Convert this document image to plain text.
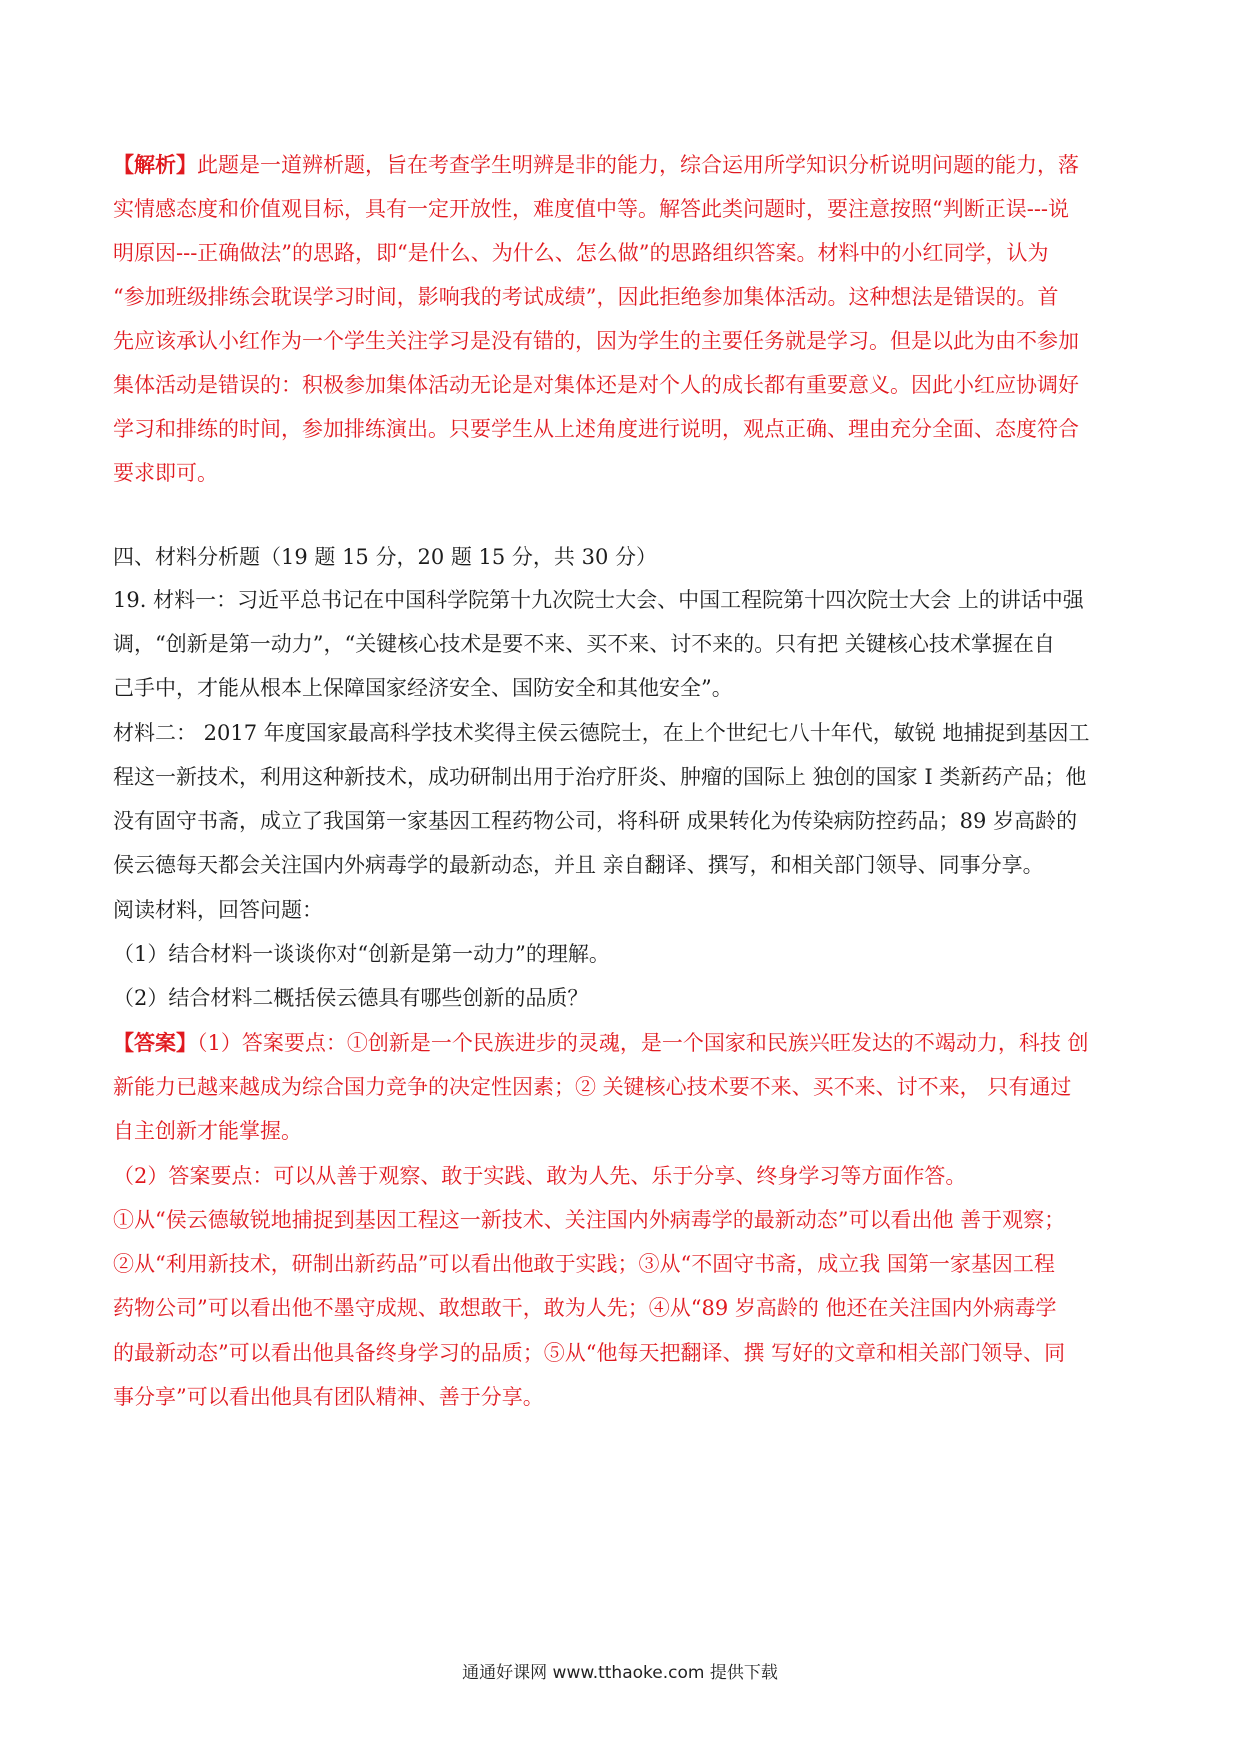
【解析】此题是一道辨析题，旨在考查学生明辨是非的能力，综合运用所学知识分析说明问题的能力，落
实情感态度和价值观目标，具有一定开放性，难度值中等。解答此类问题时，要注意按照“判断正误---说
明原因---正确做法”的思路，即“是什么、为什么、怎么做”的思路组织答案。材料中的小红同学，认为
“参加班级排练会耽误学习时间，影响我的考试成绩”，因此拒绝参加集体活动。这种想法是错误的。首
先应该承认小红作为一个学生关注学习是没有错的，因为学生的主要任务就是学习。但是以此为由不参加
集体活动是错误的：积极参加集体活动无论是对集体还是对个人的成长都有重要意义。因此小红应协调好
学习和排练的时间，参加排练演出。只要学生从上述角度进行说明，观点正确、理由充分全面、态度符合
要求即可。
四、材料分析题（19 题 15 分，20 题 15 分，共 30 分）
19. 材料一：习近平总书记在中国科学院第十九次院士大会、中国工程院第十四次院士大会 上的讲话中强
调，“创新是第一动力”，“关键核心技术是要不来、买不来、讨不来的。只有把 关键核心技术掌握在自
己手中，才能从根本上保障国家经济安全、国防安全和其他安全”。
材料二： 2017 年度国家最高科学技术奖得主侯云德院士，在上个世纪七八十年代，敏锐 地捕捉到基因工
程这一新技术，利用这种新技术，成功研制出用于治疗肝炎、肿瘤的国际上 独创的国家 I 类新药产品；他
没有固守书斋，成立了我国第一家基因工程药物公司，将科研 成果转化为传染病防控药品；89 岁高龄的
侯云德每天都会关注国内外病毒学的最新动态，并且 亲自翻译、撰写，和相关部门领导、同事分享。
阅读材料，回答问题：
（1）结合材料一谈谈你对“创新是第一动力”的理解。
（2）结合材料二概括侯云德具有哪些创新的品质？
【答案】（1）答案要点：①创新是一个民族进步的灵魂，是一个国家和民族兴旺发达的不竭动力，科技 创
新能力已越来越成为综合国力竞争的决定性因素；② 关键核心技术要不来、买不来、讨不来， 只有通过
自主创新才能掌握。
（2）答案要点：可以从善于观察、敢于实践、敢为人先、乐于分享、终身学习等方面作答。
①从“侯云德敏锐地捕捉到基因工程这一新技术、关注国内外病毒学的最新动态”可以看出他 善于观察；
②从“利用新技术，研制出新药品”可以看出他敢于实践；③从“不固守书斋，成立我 国第一家基因工程
药物公司”可以看出他不墨守成规、敢想敢干，敢为人先；④从“89 岁高龄的 他还在关注国内外病毒学
的最新动态”可以看出他具备终身学习的品质；⑤从“他每天把翻译、撰 写好的文章和相关部门领导、同
事分享”可以看出他具有团队精神、善于分享。
通通好课网 www.tthaoke.com 提供下载
